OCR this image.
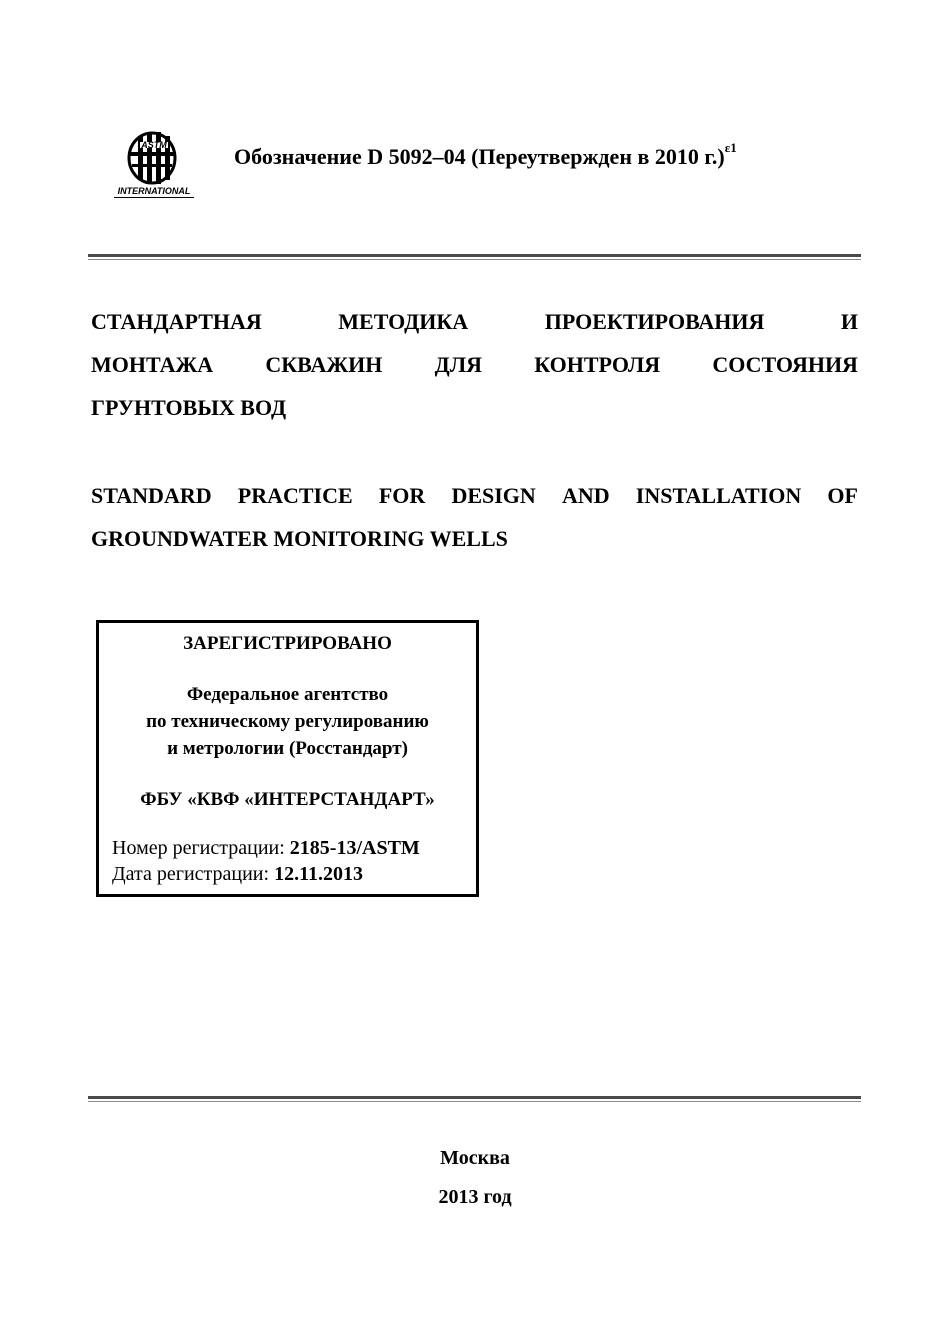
ASTM
INTERNATIONAL
Обозначение D 5092–04 (Переутвержден в 2010 г.)$^{\varepsilon 1}$
СТАНДАРТНАЯ	МЕТОДИКА	ПРОЕКТИРОВАНИЯ	И
МОНТАЖА СКВАЖИН ДЛЯ КОНТРОЛЯ СОСТОЯНИЯ
ГРУНТОВЫХ ВОД
STANDARD PRACTICE FOR DESIGN AND INSTALLATION OF
GROUNDWATER MONITORING WELLS
ЗАРЕГИСТРИРОВАНО
Федеральное агентство
по техническому регулированию
и метрологии (Росстандарт)
ФБУ «КВФ «ИНТЕРСТАНДАРТ»
Номер регистрации: 2185-13/ASTM
Дата регистрации: 12.11.2013
Москва
2013 год
